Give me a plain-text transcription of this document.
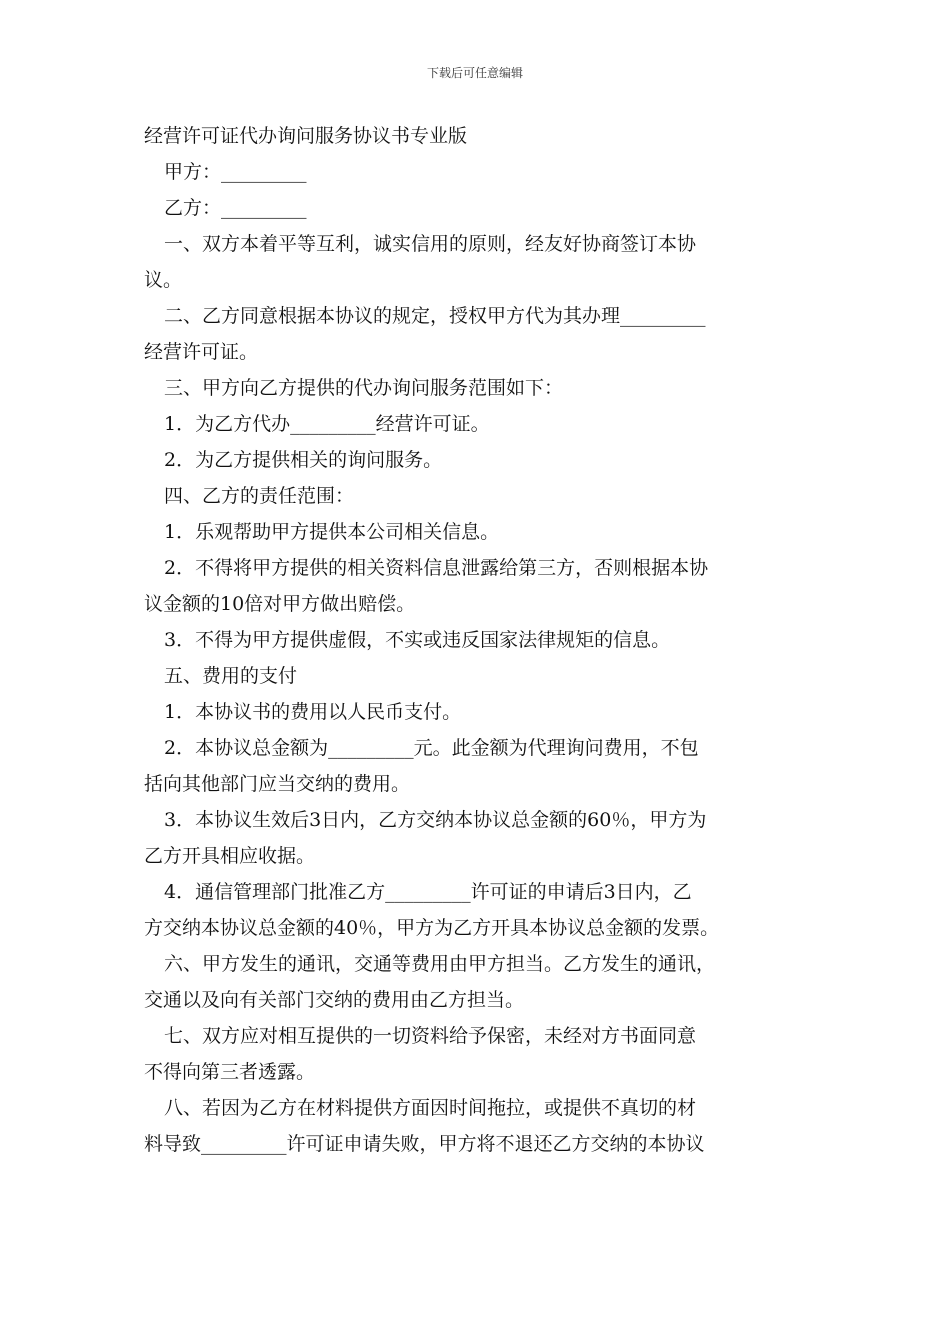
下载后可任意编辑
经营许可证代办询问服务协议书专业版

甲方：_________

乙方：_________

一、双方本着平等互利，诚实信用的原则，经友好协商签订本协

议。

二、乙方同意根据本协议的规定，授权甲方代为其办理_________

经营许可证。

三、甲方向乙方提供的代办询问服务范围如下：

1．为乙方代办_________经营许可证。

2．为乙方提供相关的询问服务。

四、乙方的责任范围：

1．乐观帮助甲方提供本公司相关信息。

2．不得将甲方提供的相关资料信息泄露给第三方，否则根据本协

议金额的10倍对甲方做出赔偿。

3．不得为甲方提供虚假，不实或违反国家法律规矩的信息。

五、费用的支付

1．本协议书的费用以人民币支付。

2．本协议总金额为_________元。此金额为代理询问费用，不包

括向其他部门应当交纳的费用。

3．本协议生效后3日内，乙方交纳本协议总金额的60％，甲方为

乙方开具相应收据。

4．通信管理部门批准乙方_________许可证的申请后3日内，乙

方交纳本协议总金额的40％，甲方为乙方开具本协议总金额的发票。

六、甲方发生的通讯，交通等费用由甲方担当。乙方发生的通讯，

交通以及向有关部门交纳的费用由乙方担当。

七、双方应对相互提供的一切资料给予保密，未经对方书面同意

不得向第三者透露。

八、若因为乙方在材料提供方面因时间拖拉，或提供不真切的材

料导致_________许可证申请失败，甲方将不退还乙方交纳的本协议
